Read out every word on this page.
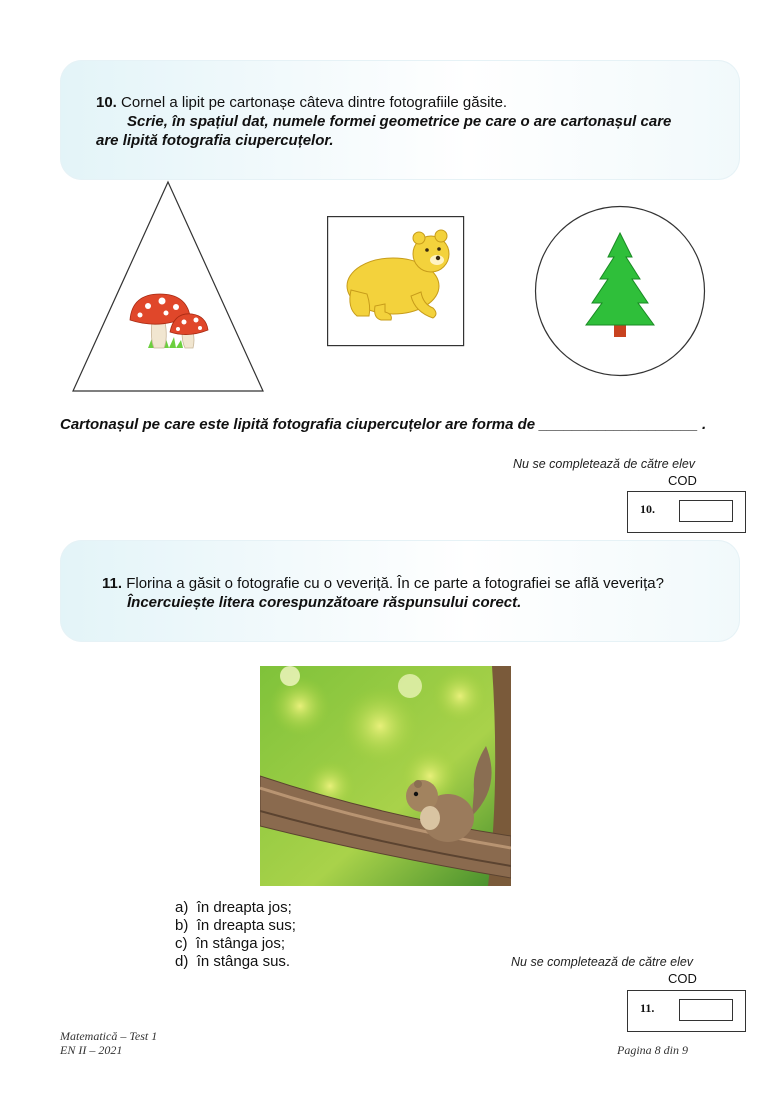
10. Cornel a lipit pe cartonașe câteva dintre fotografiile găsite.
Scrie, în spațiul dat, numele formei geometrice pe care o are cartonașul care
are lipită fotografia ciupercuțelor.
Cartonașul pe care este lipită fotografia ciupercuțelor are forma de ___________________ .
Nu se completează de către elev
COD
10.
11. Florina a găsit o fotografie cu o veveriță. În ce parte a fotografiei se află veverița?
Încercuiește litera corespunzătoare răspunsului corect.
a) în dreapta jos;
b) în dreapta sus;
c) în stânga jos;
d) în stânga sus.	Nu se completează de către elev
COD
11.
Matematică – Test 1
EN II – 2021	Pagina 8 din 9
